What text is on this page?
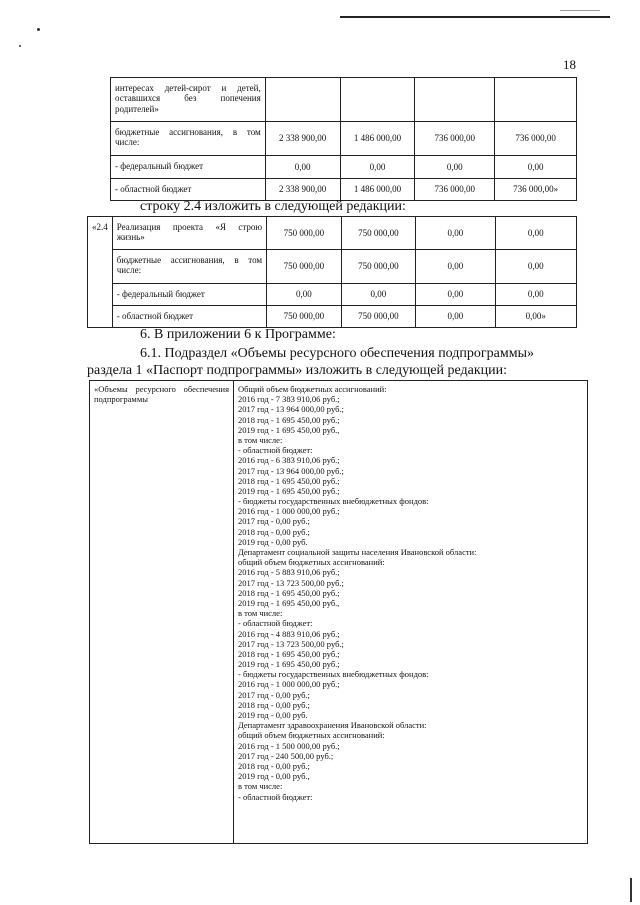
18
интересах детей-сирот и детей,
оставшихся без попечения
родителей»				

бюджетные ассигнования, в том
числе:	2 338 900,00	1 486 000,00	736 000,00	736 000,00

- федеральный бюджет	0,00	0,00	0,00	0,00

- областной бюджет	2 338 900,00	1 486 000,00	736 000,00	736 000,00»
строку 2.4 изложить в следующей редакции:
«2.4	Реализация проекта «Я строю
жизнь»	750 000,00	750 000,00	0,00	0,00

	бюджетные ассигнования, в том
числе:	750 000,00	750 000,00	0,00	0,00

	- федеральный бюджет	0,00	0,00	0,00	0,00

	- областной бюджет	750 000,00	750 000,00	0,00	0,00»
6. В приложении 6 к Программе:
6.1. Подраздел «Объемы ресурсного обеспечения подпрограммы»
раздела 1 «Паспорт подпрограммы» изложить в следующей редакции:
«Объемы ресурсного обеспечения подпрограммы	
Общий объем бюджетных ассигнований:
2016 год - 7 383 910,06 руб.;
2017 год - 13 964 000,00 руб.;
2018 год - 1 695 450,00 руб.;
2019 год - 1 695 450,00 руб.,
в том числе:
- областной бюджет:
2016 год - 6 383 910,06 руб.;
2017 год - 13 964 000,00 руб.;
2018 год - 1 695 450,00 руб.;
2019 год - 1 695 450,00 руб.;
- бюджеты государственных внебюджетных фондов:
2016 год - 1 000 000,00 руб.;
2017 год - 0,00 руб.;
2018 год - 0,00 руб.;
2019 год - 0,00 руб.
Департамент социальной защиты населения Ивановской области:
общий объем бюджетных ассигнований:
2016 год - 5 883 910,06 руб.;
2017 год - 13 723 500,00 руб.;
2018 год - 1 695 450,00 руб.;
2019 год - 1 695 450,00 руб.,
в том числе:
- областной бюджет:
2016 год - 4 883 910,06 руб.;
2017 год - 13 723 500,00 руб.;
2018 год - 1 695 450,00 руб.;
2019 год - 1 695 450,00 руб.;
- бюджеты государственных внебюджетных фондов:
2016 год - 1 000 000,00 руб.;
2017 год - 0,00 руб.;
2018 год - 0,00 руб.;
2019 год - 0,00 руб.
Департамент здравоохранения Ивановской области:
общий объем бюджетных ассигнований:
2016 год - 1 500 000,00 руб.;
2017 год - 240 500,00 руб.;
2018 год - 0,00 руб.;
2019 год - 0,00 руб.,
в том числе:
- областной бюджет:
